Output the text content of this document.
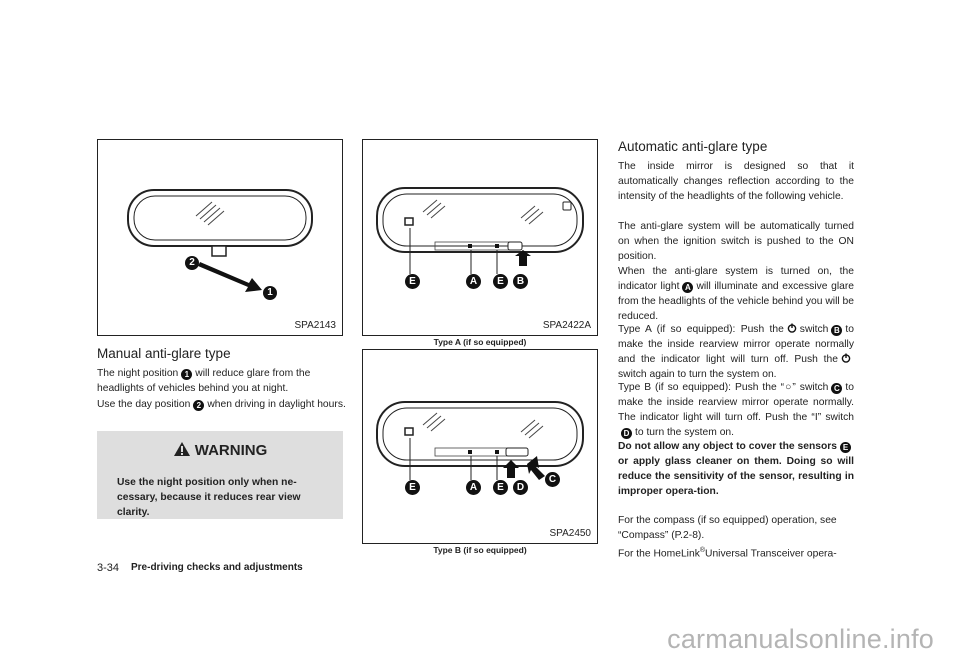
2
1
SPA2143
Manual anti-glare type

The night position 1 will reduce glare from the headlights of vehicles behind you at night.

Use the day position 2 when driving in daylight hours.

WARNING

Use the night position only when ne-cessary, because it reduces rear view clarity.

E	A	E	B
SPA2422A
Type A (if so equipped)
E	A	E	D
C
SPA2450
Type B (if so equipped)
Automatic anti-glare type

The inside mirror is designed so that it automatically changes reflection according to the intensity of the headlights of the following vehicle.

The anti-glare system will be automatically turned on when the ignition switch is pushed to the ON position.

When the anti-glare system is turned on, the indicator light A will illuminate and excessive glare from the headlights of the vehicle behind you will be reduced.

Type A (if so equipped): Push the switch B to make the inside rearview mirror operate normally and the indicator light will turn off. Push theswitch again to turn the system on.

Type B (if so equipped): Push the “○” switch C to make the inside rearview mirror operate normally. The indicator light will turn off. Push the “I” switchD to turn the system on.

Do not allow any object to cover the sensors Eor apply glass cleaner on them. Doing so will reduce the sensitivity of the sensor, resulting in improper opera-tion.

For the compass (if so equipped) operation, see “Compass” (P.2-8).

For the HomeLink®Universal Transceiver opera-

3-34 Pre-driving checks and adjustments
carmanualsonline.info
